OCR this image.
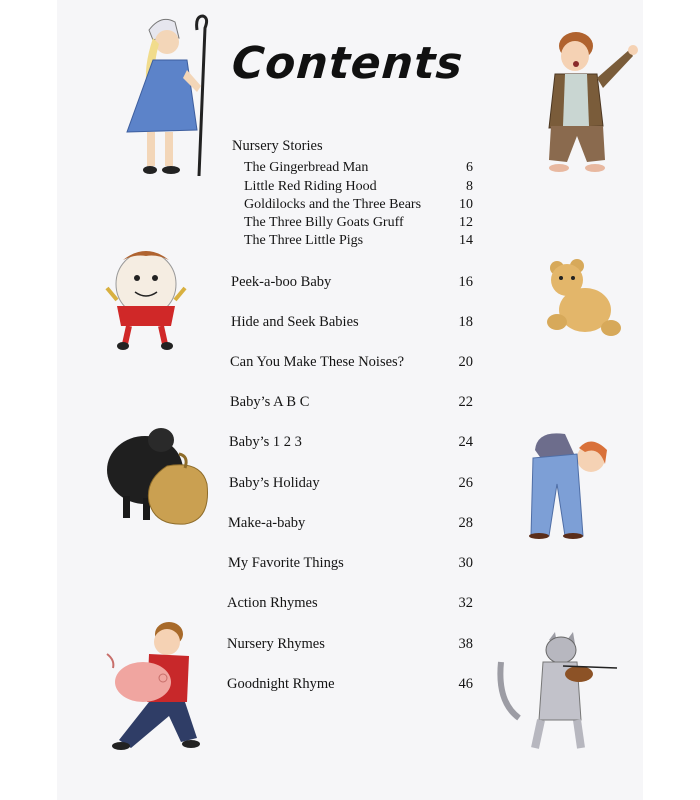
Contents
Nursery Stories
The Gingerbread Man	6
Little Red Riding Hood	8
Goldilocks and the Three Bears	10
The Three Billy Goats Gruff	12
The Three Little Pigs	14
Peek-a-boo Baby	16
Hide and Seek Babies	18
Can You Make These Noises?	20
Baby’s A B C	22
Baby’s 1 2 3	24
Baby’s Holiday	26
Make-a-baby	28
My Favorite Things	30
Action Rhymes	32
Nursery Rhymes	38
Goodnight Rhyme	46
